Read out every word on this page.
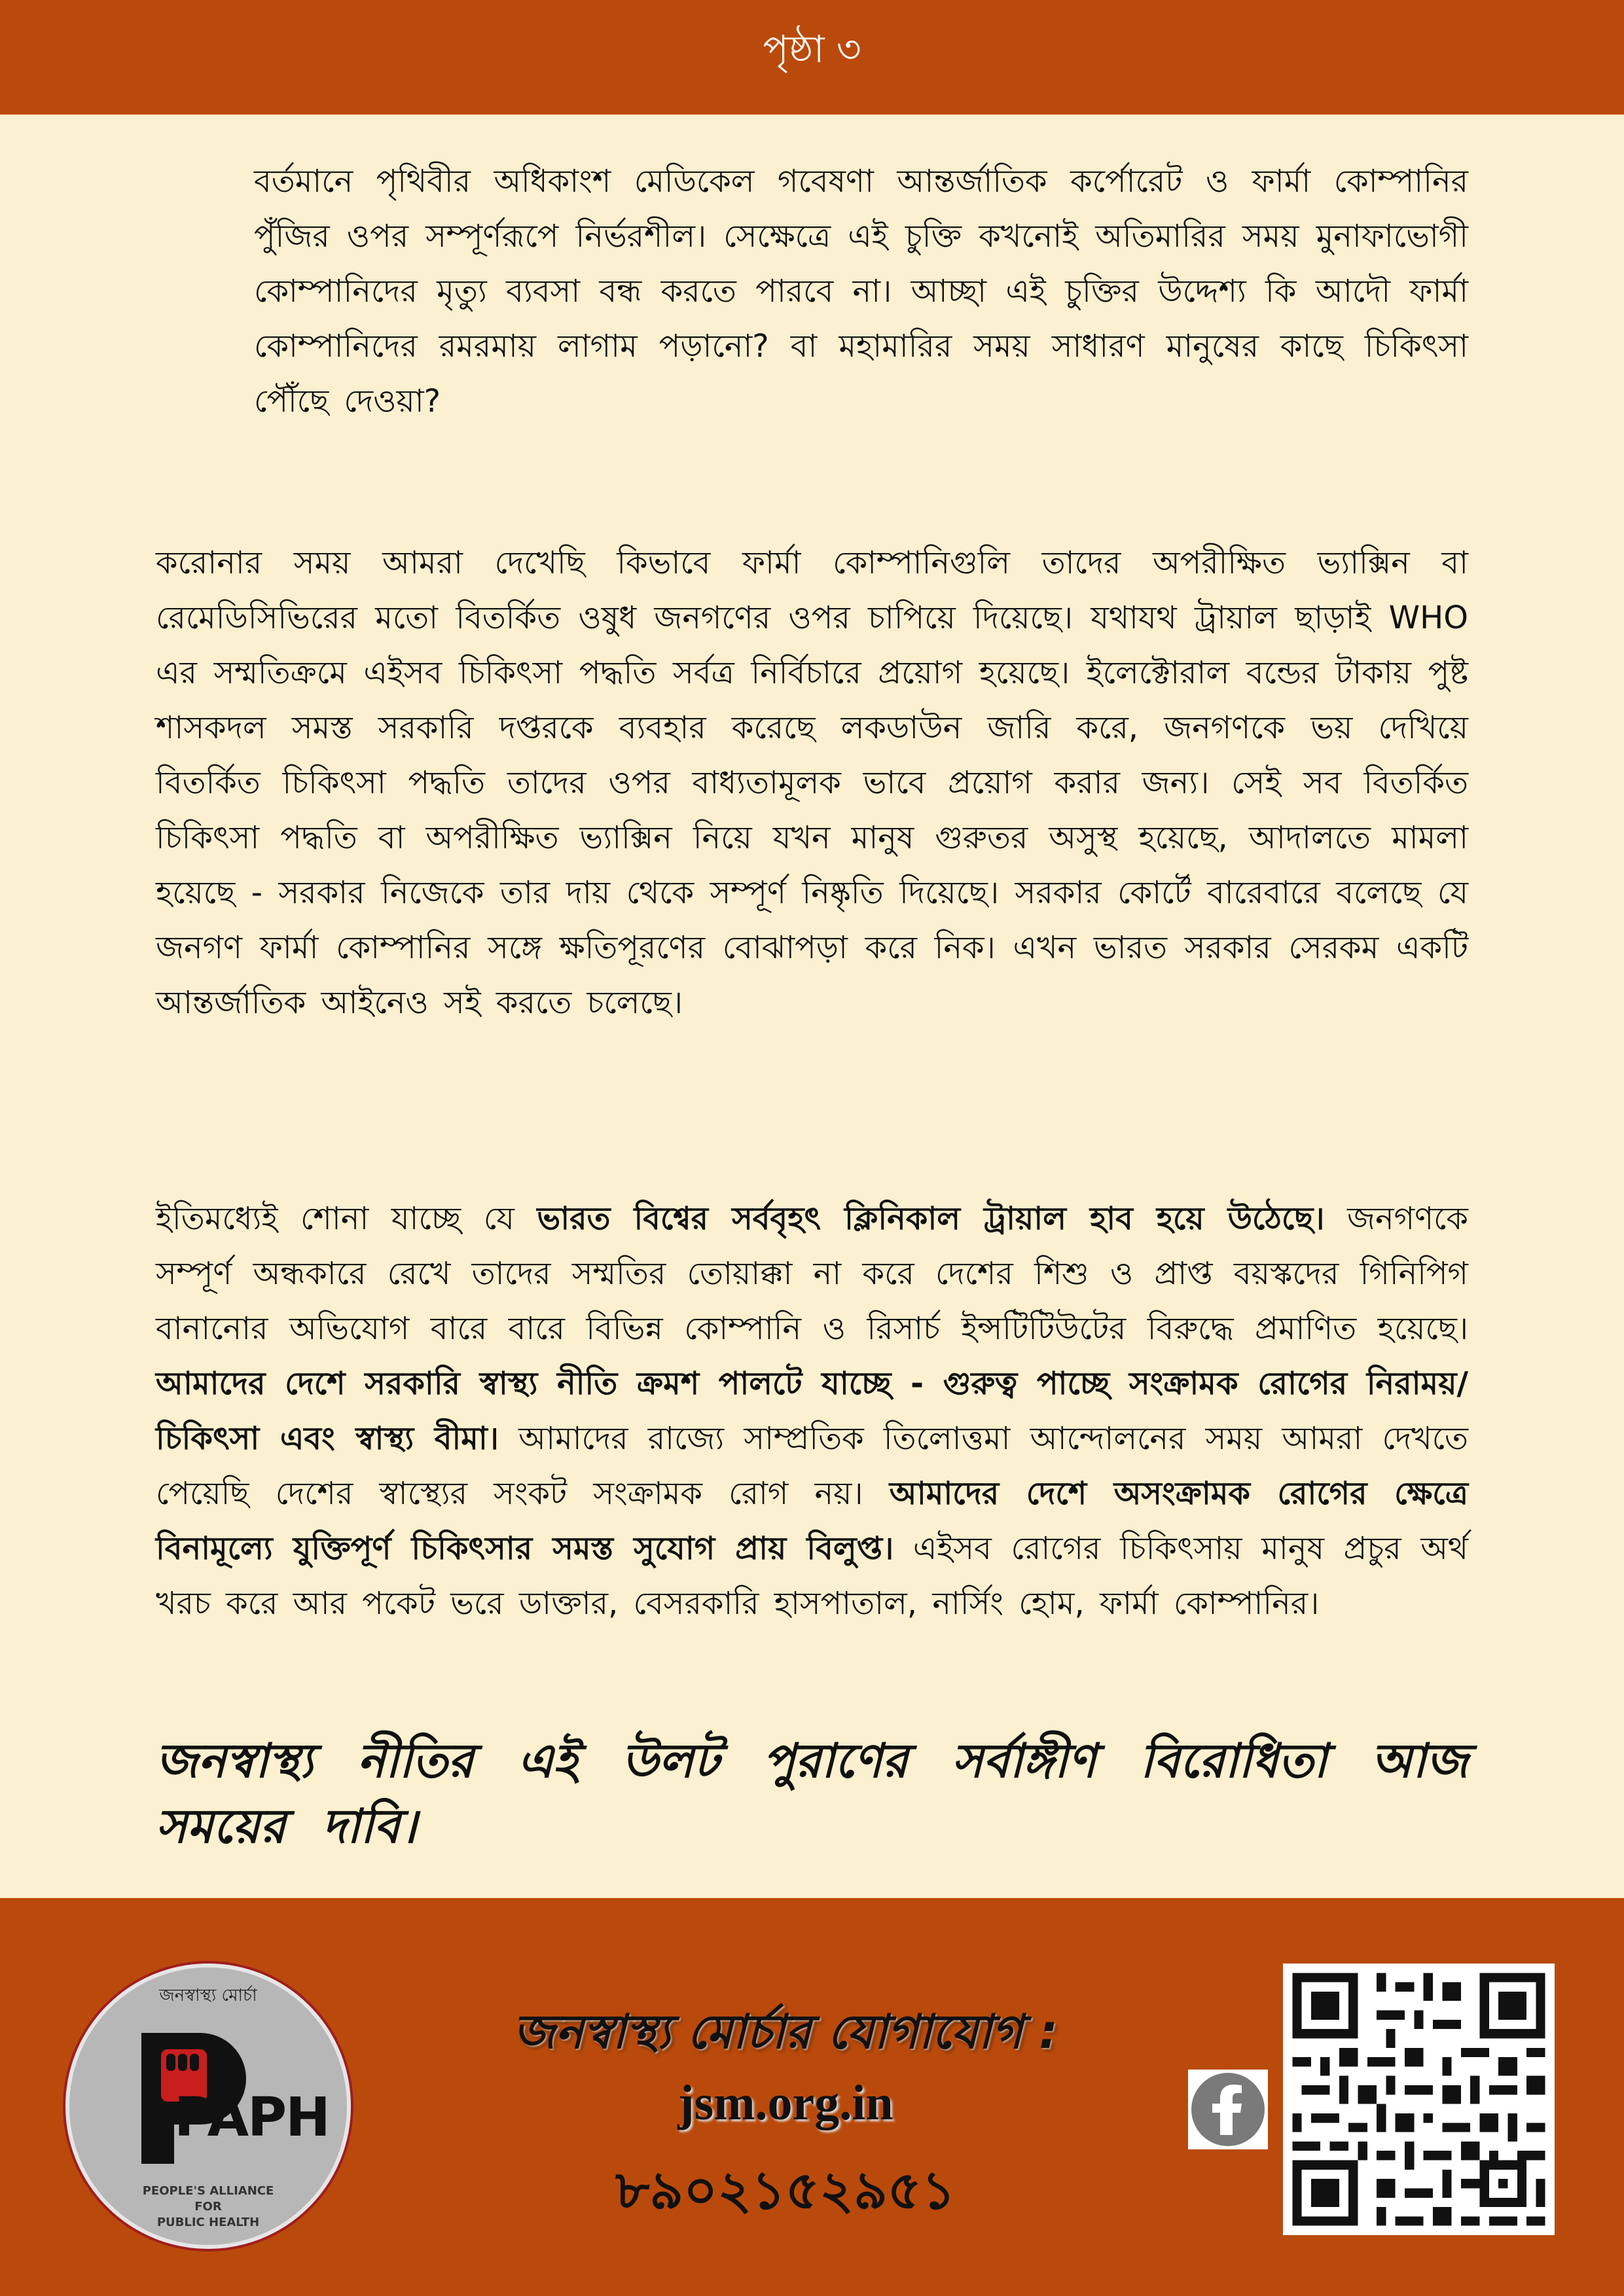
পৃষ্ঠা ৩

বর্তমানে পৃথিবীর অধিকাংশ মেডিকেল গবেষণা আন্তর্জাতিক কর্পোরেট ও ফার্মা কোম্পানির পুঁজির ওপর সম্পূর্ণরূপে নির্ভরশীল। সেক্ষেত্রে এই চুক্তি কখনোই অতিমারির সময় মুনাফাভোগী কোম্পানিদের মৃত্যু ব্যবসা বন্ধ করতে পারবে না। আচ্ছা এই চুক্তির উদ্দেশ্য কি আদৌ ফার্মা কোম্পানিদের রমরমায় লাগাম পড়ানো? বা মহামারির সময় সাধারণ মানুষের কাছে চিকিৎসা পৌঁছে দেওয়া?

করোনার সময় আমরা দেখেছি কিভাবে ফার্মা কোম্পানিগুলি তাদের অপরীক্ষিত ভ্যাক্সিন বা রেমেডিসিভিরের মতো বিতর্কিত ওষুধ জনগণের ওপর চাপিয়ে দিয়েছে। যথাযথ ট্রায়াল ছাড়াই WHO এর সম্মতিক্রমে এইসব চিকিৎসা পদ্ধতি সর্বত্র নির্বিচারে প্রয়োগ হয়েছে। ইলেক্টোরাল বন্ডের টাকায় পুষ্ট শাসকদল সমস্ত সরকারি দপ্তরকে ব্যবহার করেছে লকডাউন জারি করে, জনগণকে ভয় দেখিয়ে বিতর্কিত চিকিৎসা পদ্ধতি তাদের ওপর বাধ্যতামূলক ভাবে প্রয়োগ করার জন্য। সেই সব বিতর্কিত চিকিৎসা পদ্ধতি বা অপরীক্ষিত ভ্যাক্সিন নিয়ে যখন মানুষ গুরুতর অসুস্থ হয়েছে, আদালতে মামলা হয়েছে - সরকার নিজেকে তার দায় থেকে সম্পূর্ণ নিষ্কৃতি দিয়েছে। সরকার কোর্টে বারেবারে বলেছে যে জনগণ ফার্মা কোম্পানির সঙ্গে ক্ষতিপূরণের বোঝাপড়া করে নিক। এখন ভারত সরকার সেরকম একটি আন্তর্জাতিক আইনেও সই করতে চলেছে।

ইতিমধ্যেই শোনা যাচ্ছে যে ভারত বিশ্বের সর্ববৃহৎ ক্লিনিকাল ট্রায়াল হাব হয়ে উঠেছে। জনগণকে সম্পূর্ণ অন্ধকারে রেখে তাদের সম্মতির তোয়াক্কা না করে দেশের শিশু ও প্রাপ্ত বয়স্কদের গিনিপিগ বানানোর অভিযোগ বারে বারে বিভিন্ন কোম্পানি ও রিসার্চ ইন্সটিটিউটের বিরুদ্ধে প্রমাণিত হয়েছে। আমাদের দেশে সরকারি স্বাস্থ্য নীতি ক্রমশ পালটে যাচ্ছে - গুরুত্ব পাচ্ছে সংক্রামক রোগের নিরাময়/ চিকিৎসা এবং স্বাস্থ্য বীমা। আমাদের রাজ্যে সাম্প্রতিক তিলোত্তমা আন্দোলনের সময় আমরা দেখতে পেয়েছি দেশের স্বাস্থ্যের সংকট সংক্রামক রোগ নয়। আমাদের দেশে অসংক্রামক রোগের ক্ষেত্রে বিনামূল্যে যুক্তিপূর্ণ চিকিৎসার সমস্ত সুযোগ প্রায় বিলুপ্ত। এইসব রোগের চিকিৎসায় মানুষ প্রচুর অর্থ খরচ করে আর পকেট ভরে ডাক্তার, বেসরকারি হাসপাতাল, নার্সিং হোম, ফার্মা কোম্পানির।

জনস্বাস্থ্য নীতির এই উলট পুরাণের সর্বাঙ্গীণ বিরোধিতা আজ সময়ের দাবি।

জনস্বাস্থ্য মোর্চা
PAPH
PEOPLE'S ALLIANCE
FOR
PUBLIC HEALTH
জনস্বাস্থ্য মোর্চার যোগাযোগ :
jsm.org.in
৮৯০২১৫২৯৫১
